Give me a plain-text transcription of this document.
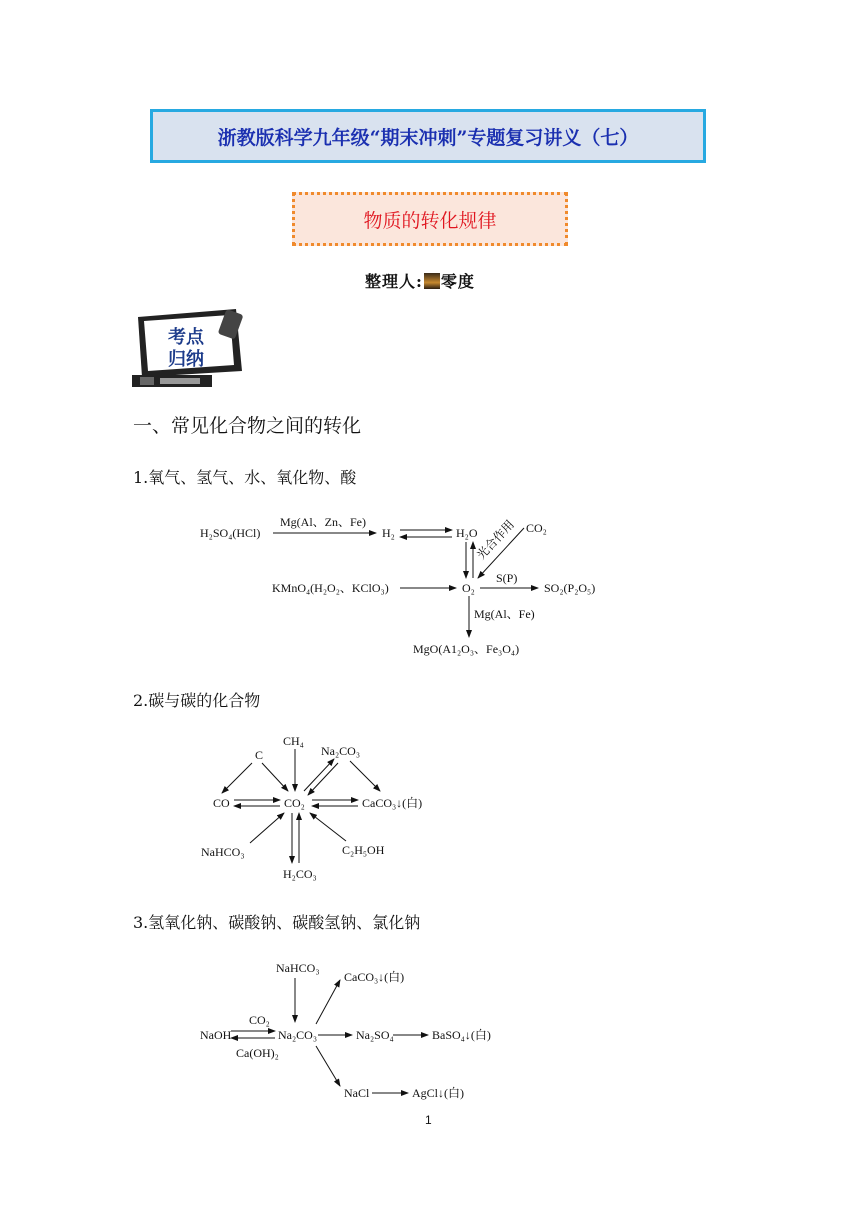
浙教版科学九年级“期末冲刺”专题复习讲义（七）
物质的转化规律
整理人: 零度
考点
归纳
一、常见化合物之间的转化
1.氧气、氢气、水、氧化物、酸
H₂SO₄(HCl)
Mg(Al、Zn、Fe)
H₂	H₂O	CO₂
光合作用
KMnO₄(H₂O₂、KClO₃)	O₂
S(P)
SO₂(P₂O₅)
Mg(Al、Fe)
MgO(A1₂O₃、Fe₃O₄)
2.碳与碳的化合物
CH₄
C	Na₂CO₃
CO	CO₂	CaCO₃↓(白)
NaHCO₃	C₂H₅OH
H₂CO₃
3.氢氧化钠、碳酸钠、碳酸氢钠、氯化钠
NaHCO₃
CaCO₃↓(白)
CO₂
NaOH
Ca(OH)₂
Na₂CO₃	Na₂SO₄	BaSO₄↓(白)
NaCl	AgCl↓(白)
1
